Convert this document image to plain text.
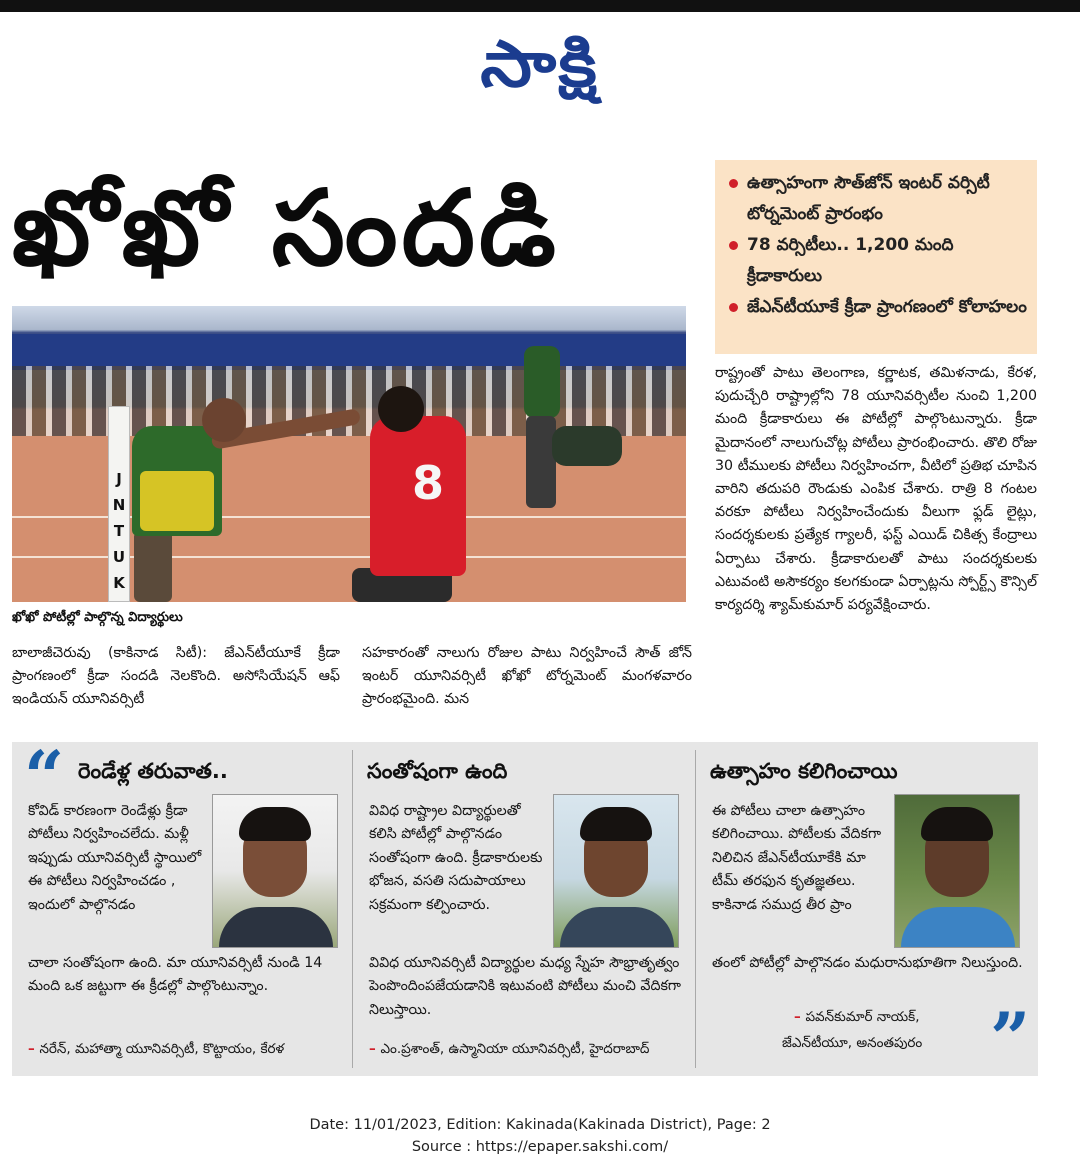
సాక్షి
ఖోఖో సందడి	ఉత్సాహంగా సౌత్‌జోన్ ఇంటర్ వర్సిటీ టోర్నమెంట్ ప్రారంభం
78 వర్సిటీలు.. 1,200 మంది క్రీడాకారులు
జేఎన్‌టీయూకే క్రీడా ప్రాంగణంలో కోలాహలం
JNTUK
8
ఖోఖో పోటీల్లో పాల్గొన్న విద్యార్థులు
బాలాజీచెరువు (కాకినాడ సిటీ): జేఎన్‌టీయూకే క్రీడా ప్రాంగణంలో క్రీడా సందడి నెలకొంది. అసోసియేషన్ ఆఫ్ ఇండియన్ యూనివర్సిటీ
సహకారంతో నాలుగు రోజుల పాటు నిర్వహించే సౌత్ జోన్ ఇంటర్ యూనివర్సిటీ ఖోఖో టోర్నమెంట్ మంగళవారం ప్రారంభమైంది. మన
రాష్ట్రంతో పాటు తెలంగాణ, కర్ణాటక, తమిళనాడు, కేరళ, పుదుచ్చేరి రాష్ట్రాల్లోని 78 యూనివర్సిటీల నుంచి 1,200 మంది క్రీడాకారులు ఈ పోటీల్లో పాల్గొంటున్నారు. క్రీడా మైదానంలో నాలుగుచోట్ల పోటీలు ప్రారంభించారు. తొలి రోజు 30 టీములకు పోటీలు నిర్వహించగా, వీటిలో ప్రతిభ చూపిన వారిని తదుపరి రౌండుకు ఎంపిక చేశారు. రాత్రి 8 గంటల వరకూ పోటీలు నిర్వహించేందుకు వీలుగా ఫ్లడ్ లైట్లు, సందర్శకులకు ప్రత్యేక గ్యాలరీ, ఫస్ట్ ఎయిడ్ చికిత్స కేంద్రాలు ఏర్పాటు చేశారు. క్రీడాకారులతో పాటు సందర్శకులకు ఎటువంటి అసౌకర్యం కలగకుండా ఏర్పాట్లను స్పోర్ట్స్ కౌన్సిల్ కార్యదర్శి శ్యామ్‌కుమార్ పర్యవేక్షించారు.
“ రెండేళ్ల తరువాత..
కోవిడ్ కారణంగా రెండేళ్లు క్రీడా పోటీలు నిర్వహించలేదు. మళ్లీ ఇప్పుడు యూనివర్సిటీ స్థాయిలో ఈ పోటీలు నిర్వహించడం , ఇందులో పాల్గొనడం
చాలా సంతోషంగా ఉంది. మా యూనివర్సిటీ నుండి 14 మంది ఒక జట్టుగా ఈ క్రీడల్లో పాల్గొంటున్నాం.
– నరేన్, మహాత్మా యూనివర్సిటీ, కొట్టాయం, కేరళ
సంతోషంగా ఉంది
వివిధ రాష్ట్రాల విద్యార్థులతో కలిసి పోటీల్లో పాల్గొనడం సంతోషంగా ఉంది. క్రీడాకారులకు భోజన, వసతి సదుపాయాలు సక్రమంగా కల్పించారు.
వివిధ యూనివర్సిటీ విద్యార్థుల మధ్య స్నేహ సౌభ్రాతృత్వం పెంపొందింపజేయడానికి ఇటువంటి పోటీలు మంచి వేదికగా నిలుస్తాయి.
– ఎం.ప్రశాంత్, ఉస్మానియా యూనివర్సిటీ, హైదరాబాద్
ఉత్సాహం కలిగించాయి
ఈ పోటీలు చాలా ఉత్సాహం కలిగించాయి. పోటీలకు వేదికగా నిలిచిన జేఎన్‌టీయూకేకి మా టీమ్ తరఫున కృతజ్ఞతలు. కాకినాడ సముద్ర తీర ప్రాం
తంలో పోటీల్లో పాల్గొనడం మధురానుభూతిగా నిలుస్తుంది.
– పవన్‌కుమార్ నాయక్,
జేఎన్‌టీయూ, అనంతపురం ”
Date: 11/01/2023, Edition: Kakinada(Kakinada District), Page: 2
Source : https://epaper.sakshi.com/
